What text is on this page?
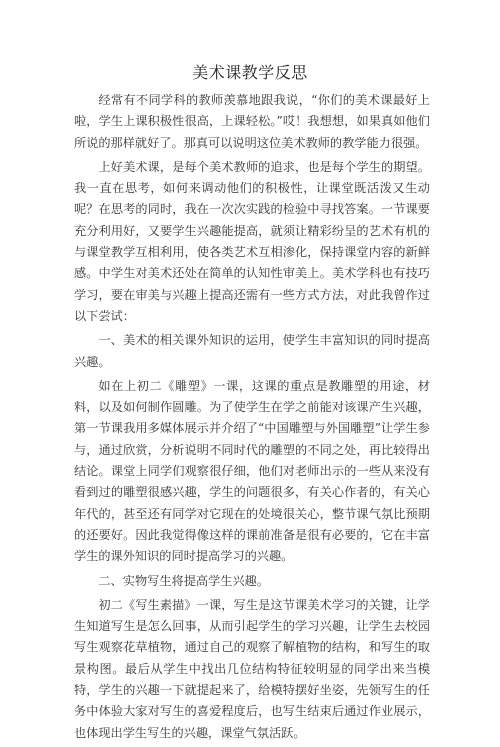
美术课教学反思

经常有不同学科的教师羡慕地跟我说，“你们的美术课最好上啦，学生上课积极性很高，上课轻松。”哎！我想想，如果真如他们所说的那样就好了。那真可以说明这位美术教师的教学能力很强。

上好美术课，是每个美术教师的追求，也是每个学生的期望。我一直在思考，如何来调动他们的积极性，让课堂既活泼又生动呢？在思考的同时，我在一次次实践的检验中寻找答案。一节课要充分利用好，又要学生兴趣能提高，就须让精彩纷呈的艺术有机的与课堂教学互相利用，使各类艺术互相渗化，保持课堂内容的新鲜感。中学生对美术还处在简单的认知性审美上。美术学科也有技巧学习，要在审美与兴趣上提高还需有一些方式方法，对此我曾作过以下尝试：

一、美术的相关课外知识的运用，使学生丰富知识的同时提高兴趣。

如在上初二《雕塑》一课，这课的重点是教雕塑的用途，材料，以及如何制作圆雕。为了使学生在学之前能对该课产生兴趣，第一节课我用多媒体展示并介绍了“中国雕塑与外国雕塑”让学生参与，通过欣赏，分析说明不同时代的雕塑的不同之处，再比较得出结论。课堂上同学们观察很仔细，他们对老师出示的一些从来没有看到过的雕塑很感兴趣，学生的问题很多，有关心作者的，有关心年代的，甚至还有同学对它现在的处境很关心，整节课气氛比预期的还要好。因此我觉得像这样的课前准备是很有必要的，它在丰富学生的课外知识的同时提高学习的兴趣。

二、实物写生将提高学生兴趣。

初二《写生素描》一课，写生是这节课美术学习的关键，让学生知道写生是怎么回事，从而引起学生的学习兴趣，让学生去校园写生观察花草植物，通过自己的观察了解植物的结构，和写生的取景构图。最后从学生中找出几位结构特征较明显的同学出来当模特，学生的兴趣一下就提起来了，给模特摆好坐姿，先领写生的任务中体验大家对写生的喜爱程度后，也写生结束后通过作业展示，也体现出学生写生的兴趣，课堂气氛活跃。
